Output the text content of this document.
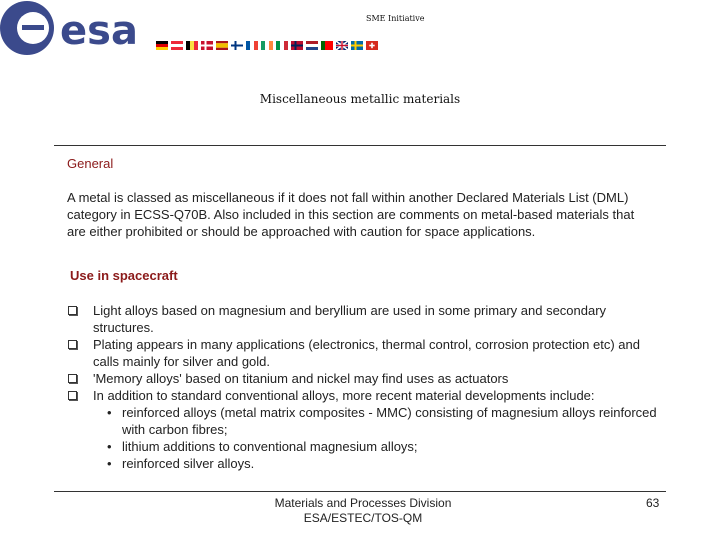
esa	SME Initiative
Miscellaneous metallic materials
General

A metal is classed as miscellaneous if it does not fall within another Declared Materials List (DML) category in ECSS-Q70B. Also included in this section are comments on metal-based materials that are either prohibited or should be approached with caution for space applications.

Use in spacecraft
Light alloys based on magnesium and beryllium are used in some primary and secondary structures.
Plating appears in many applications (electronics, thermal control, corrosion protection etc) and calls mainly for silver and gold.
'Memory alloys' based on titanium and nickel may find uses as actuators
In addition to standard conventional alloys, more recent material developments include:
• reinforced alloys (metal matrix composites - MMC) consisting of magnesium alloys reinforced with carbon fibres;
• lithium additions to conventional magnesium alloys;
• reinforced silver alloys.
Materials and Processes Division
ESA/ESTEC/TOS-QM
63
